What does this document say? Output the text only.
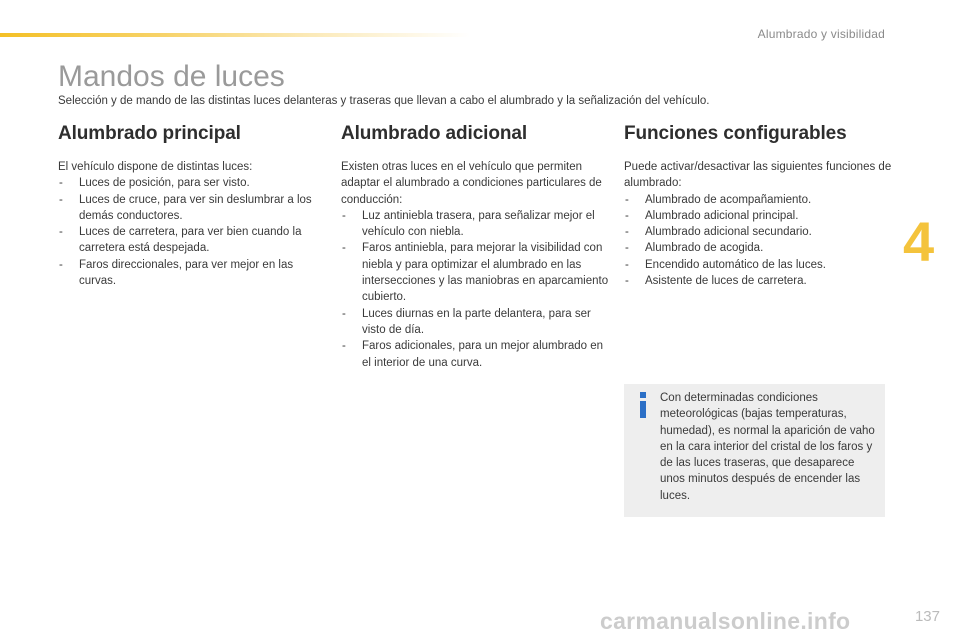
Alumbrado y visibilidad
Mandos de luces

Selección y de mando de las distintas luces delanteras y traseras que llevan a cabo el alumbrado y la señalización del vehículo.

Alumbrado principal

El vehículo dispone de distintas luces:

- Luces de posición, para ser visto.
- Luces de cruce, para ver sin deslumbrar a los demás conductores.
- Luces de carretera, para ver bien cuando la carretera está despejada.
- Faros direccionales, para ver mejor en las curvas.
Alumbrado adicional

Existen otras luces en el vehículo que permiten adaptar el alumbrado a condiciones particulares de conducción:

- Luz antiniebla trasera, para señalizar mejor el vehículo con niebla.
- Faros antiniebla, para mejorar la visibilidad con niebla y para optimizar el alumbrado en las intersecciones y las maniobras en aparcamiento cubierto.
- Luces diurnas en la parte delantera, para ser visto de día.
- Faros adicionales, para un mejor alumbrado en el interior de una curva.
Funciones configurables

Puede activar/desactivar las siguientes funciones de alumbrado:

- Alumbrado de acompañamiento.
- Alumbrado adicional principal.
- Alumbrado adicional secundario.
- Alumbrado de acogida.
- Encendido automático de las luces.
- Asistente de luces de carretera.
4

Con determinadas condiciones meteorológicas (bajas temperaturas, humedad), es normal la aparición de vaho en la cara interior del cristal de los faros y de las luces traseras, que desaparece unos minutos después de encender las luces.

carmanualsonline.info	137
